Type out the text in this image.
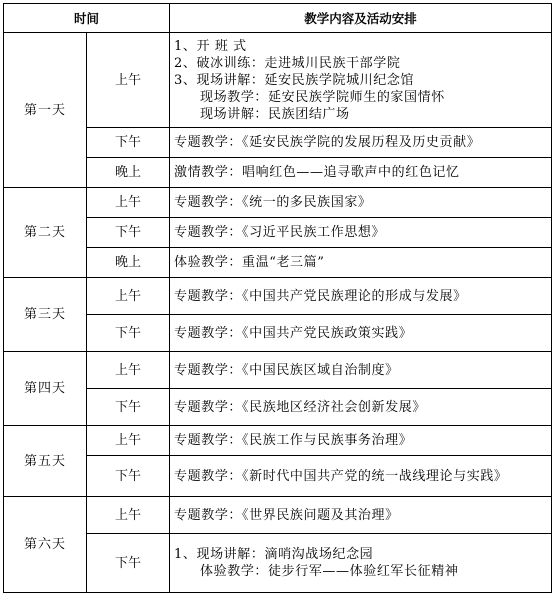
时间		教学内容及活动安排
第一天	上午	1、开 班 式
2、破冰训练：走进城川民族干部学院
3、现场讲解：延安民族学院城川纪念馆
现场教学：延安民族学院师生的家国情怀
现场讲解：民族团结广场

	下午	专题教学：《延安民族学院的发展历程及历史贡献》

	晚上	激情教学：唱响红色——追寻歌声中的红色记忆

第二天	上午	专题教学：《统一的多民族国家》

	下午	专题教学：《习近平民族工作思想》

	晚上	体验教学：重温“老三篇”

第三天	上午	专题教学：《中国共产党民族理论的形成与发展》

	下午	专题教学：《中国共产党民族政策实践》

第四天	上午	专题教学：《中国民族区域自治制度》

	下午	专题教学：《民族地区经济社会创新发展》

第五天	上午	专题教学：《民族工作与民族事务治理》

	下午	专题教学：《新时代中国共产党的统一战线理论与实践》

第六天	上午	专题教学：《世界民族问题及其治理》

	下午	1、现场讲解：滴哨沟战场纪念园
体验教学：徒步行军——体验红军长征精神
